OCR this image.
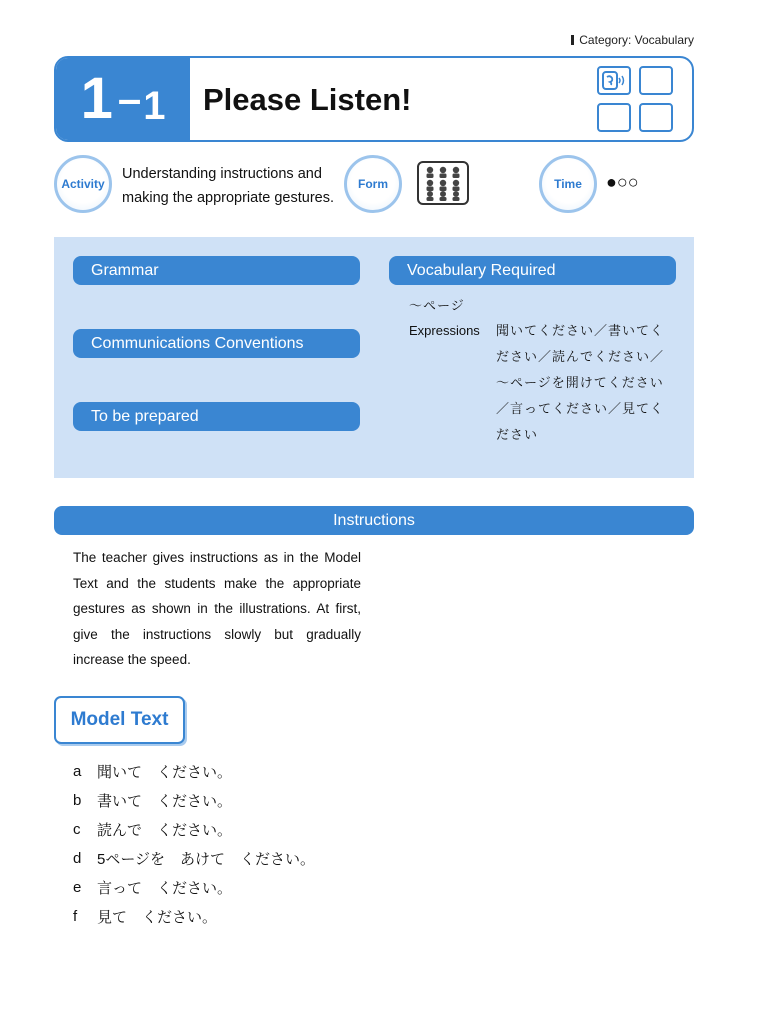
Category: Vocabulary
1 – 1 Please Listen!
Activity
Understanding instructions and
making the appropriate gestures.
Form	Time ●○○
Grammar
Communications Conventions
To be prepared
Vocabulary Required
〜ページ
Expressions 聞いてください／書いてく
ださい／読んでください／
〜ページを開けてください
／言ってください／見てく
ださい
Instructions
The teacher gives instructions as in the Model Text and the students make the appropriate gestures as shown in the illustrations. At first, give the instructions slowly but gradually increase the speed.
Model Text
a	聞いて　ください。
b	書いて　ください。
c	読んで　ください。
d	5ページを　あけて　ください。
e	言って　ください。
f	見て　ください。
